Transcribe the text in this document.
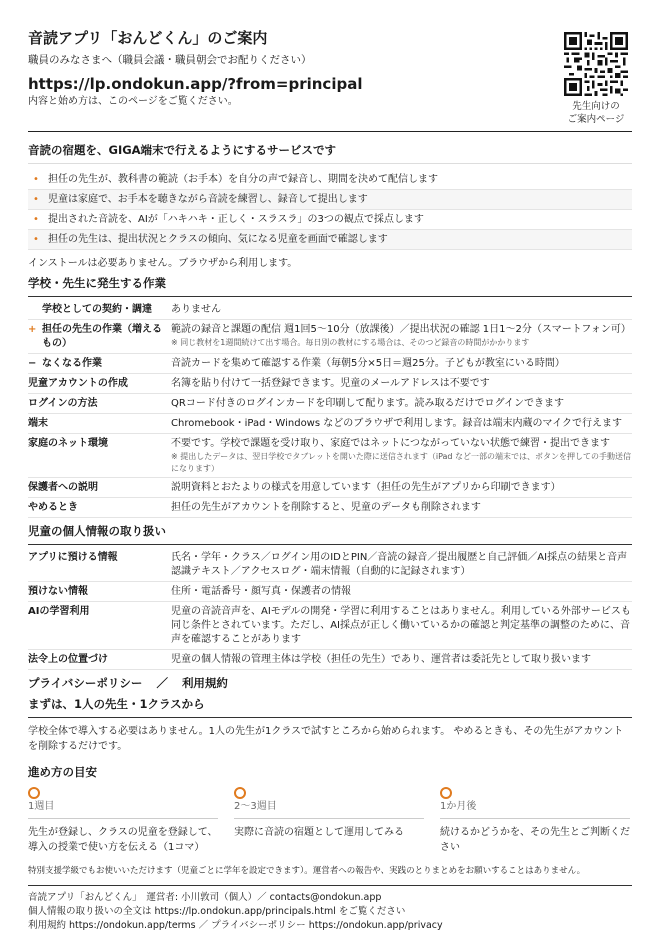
音読アプリ「おんどくん」のご案内
職員のみなさまへ（職員会議・職員朝会でお配りください）
https://lp.ondokun.app/?from=principal
内容と始め方は、このページをご覧ください。	先生向けの
ご案内ページ
音読の宿題を、GIGA端末で行えるようにするサービスです
• 担任の先生が、教科書の範読（お手本）を自分の声で録音し、期間を決めて配信します
• 児童は家庭で、お手本を聴きながら音読を練習し、録音して提出します
• 提出された音読を、AIが「ハキハキ・正しく・スラスラ」の3つの観点で採点します
• 担任の先生は、提出状況とクラスの傾向、気になる児童を画面で確認します
インストールは必要ありません。ブラウザから利用します。
学校・先生に発生する作業
学校としての契約・調達	ありません
+ 担任の先生の作業（増えるもの）	範読の録音と課題の配信 週1回5〜10分（放課後）／提出状況の確認 1日1〜2分（スマートフォン可）
※ 同じ教材を1週間続けて出す場合。毎日別の教材にする場合は、そのつど録音の時間がかかります

− なくなる作業	音読カードを集めて確認する作業（毎朝5分×5日＝週25分。子どもが教室にいる時間）
児童アカウントの作成	名簿を貼り付けて一括登録できます。児童のメールアドレスは不要です
ログインの方法	QRコード付きのログインカードを印刷して配ります。読み取るだけでログインできます
端末	Chromebook・iPad・Windows などのブラウザで利用します。録音は端末内蔵のマイクで行えます
家庭のネット環境	不要です。学校で課題を受け取り、家庭ではネットにつながっていない状態で練習・提出できます
※ 提出したデータは、翌日学校でタブレットを開いた際に送信されます（iPad など一部の端末では、ボタンを押しての手動送信になります）

保護者への説明	説明資料とおたよりの様式を用意しています（担任の先生がアプリから印刷できます）
やめるとき	担任の先生がアカウントを削除すると、児童のデータも削除されます
児童の個人情報の取り扱い
アプリに預ける情報	氏名・学年・クラス／ログイン用のIDとPIN／音読の録音／提出履歴と自己評価／AI採点の結果と音声認識テキスト／アクセスログ・端末情報（自動的に記録されます）
預けない情報	住所・電話番号・顔写真・保護者の情報
AIの学習利用	児童の音読音声を、AIモデルの開発・学習に利用することはありません。利用している外部サービスも同じ条件とされています。ただし、AI採点が正しく働いているかの確認と判定基準の調整のために、音声を確認することがあります
法令上の位置づけ	児童の個人情報の管理主体は学校（担任の先生）であり、運営者は委託先として取り扱います
プライバシーポリシー ／ 利用規約
まずは、1人の先生・1クラスから
学校全体で導入する必要はありません。1人の先生が1クラスで試すところから始められます。 やめるときも、その先生がアカウントを削除するだけです。
進め方の目安
1週目
先生が登録し、クラスの児童を登録して、導入の授業で使い方を伝える（1コマ）
2〜3週目
実際に音読の宿題として運用してみる
1か月後
続けるかどうかを、その先生とご判断ください
特別支援学級でもお使いいただけます（児童ごとに学年を設定できます）。運営者への報告や、実践のとりまとめをお願いすることはありません。
音読アプリ「おんどくん」　運営者: 小川敦司（個人）／ contacts@ondokun.app
個人情報の取り扱いの全文は https://lp.ondokun.app/principals.html をご覧ください
利用規約 https://ondokun.app/terms ／ プライバシーポリシー https://ondokun.app/privacy
